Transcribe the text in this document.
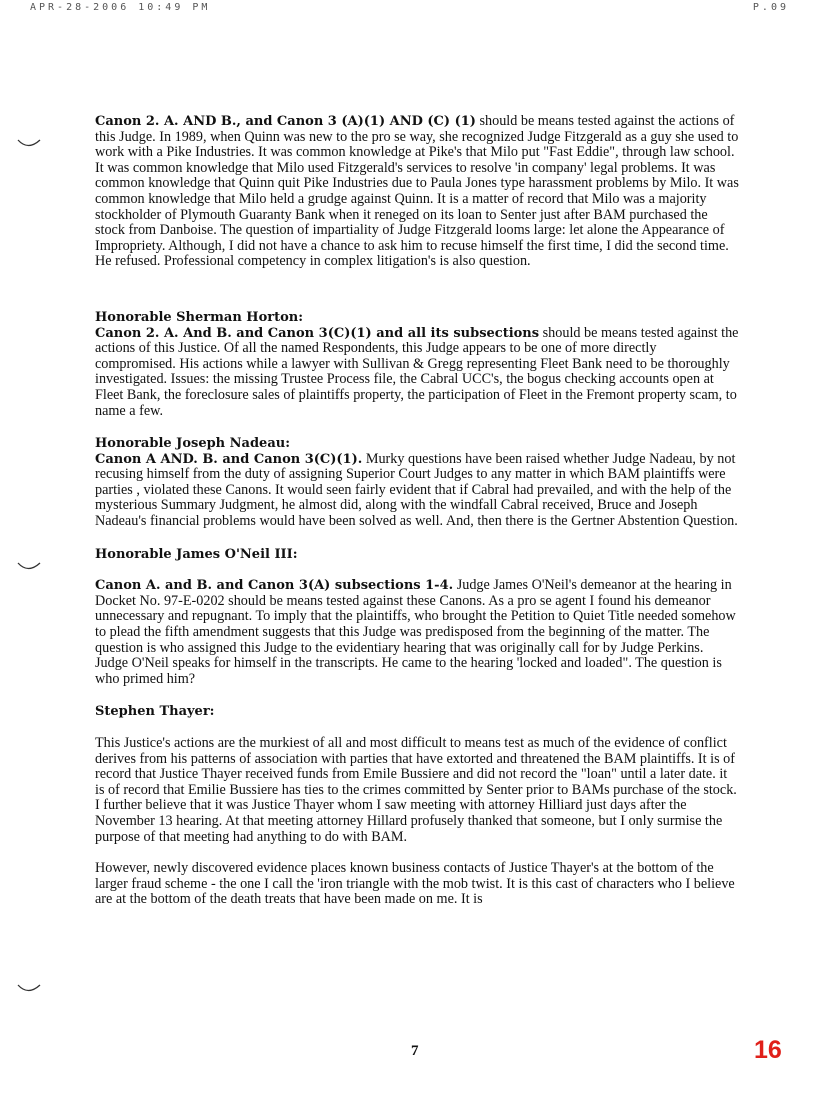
APR-28-2006 10:49 PM	P.09

Canon 2. A. AND B., and Canon 3 (A)(1) AND (C) (1) should be means tested against the actions of this Judge. In 1989, when Quinn was new to the pro se way, she recognized Judge Fitzgerald as a guy she used to work with a Pike Industries. It was common knowledge at Pike's that Milo put "Fast Eddie", through law school. It was common knowledge that Milo used Fitzgerald's services to resolve 'in company' legal problems. It was common knowledge that Quinn quit Pike Industries due to Paula Jones type harassment problems by Milo. It was common knowledge that Milo held a grudge against Quinn. It is a matter of record that Milo was a majority stockholder of Plymouth Guaranty Bank when it reneged on its loan to Senter just after BAM purchased the stock from Danboise. The question of impartiality of Judge Fitzgerald looms large: let alone the Appearance of Impropriety. Although, I did not have a chance to ask him to recuse himself the first time, I did the second time. He refused. Professional competency in complex litigation's is also question.

Honorable Sherman Horton:

Canon 2. A. And B. and Canon 3(C)(1) and all its subsections should be means tested against the actions of this Justice. Of all the named Respondents, this Judge appears to be one of more directly compromised. His actions while a lawyer with Sullivan & Gregg representing Fleet Bank need to be thoroughly investigated. Issues: the missing Trustee Process file, the Cabral UCC's, the bogus checking accounts open at Fleet Bank, the foreclosure sales of plaintiffs property, the participation of Fleet in the Fremont property scam, to name a few.

Honorable Joseph Nadeau:

Canon A AND. B. and Canon 3(C)(1). Murky questions have been raised whether Judge Nadeau, by not recusing himself from the duty of assigning Superior Court Judges to any matter in which BAM plaintiffs were parties , violated these Canons. It would seen fairly evident that if Cabral had prevailed, and with the help of the mysterious Summary Judgment, he almost did, along with the windfall Cabral received, Bruce and Joseph Nadeau's financial problems would have been solved as well. And, then there is the Gertner Abstention Question.

Honorable James O'Neil III:

Canon A. and B. and Canon 3(A) subsections 1-4. Judge James O'Neil's demeanor at the hearing in Docket No. 97-E-0202 should be means tested against these Canons. As a pro se agent I found his demeanor unnecessary and repugnant. To imply that the plaintiffs, who brought the Petition to Quiet Title needed somehow to plead the fifth amendment suggests that this Judge was predisposed from the beginning of the matter. The question is who assigned this Judge to the evidentiary hearing that was originally call for by Judge Perkins. Judge O'Neil speaks for himself in the transcripts. He came to the hearing 'locked and loaded". The question is who primed him?

Stephen Thayer:

This Justice's actions are the murkiest of all and most difficult to means test as much of the evidence of conflict derives from his patterns of association with parties that have extorted and threatened the BAM plaintiffs. It is of record that Justice Thayer received funds from Emile Bussiere and did not record the "loan" until a later date. it is of record that Emilie Bussiere has ties to the crimes committed by Senter prior to BAMs purchase of the stock. I further believe that it was Justice Thayer whom I saw meeting with attorney Hilliard just days after the November 13 hearing. At that meeting attorney Hillard profusely thanked that someone, but I only surmise the purpose of that meeting had anything to do with BAM.

However, newly discovered evidence places known business contacts of Justice Thayer's at the bottom of the larger fraud scheme - the one I call the 'iron triangle with the mob twist. It is this cast of characters who I believe are at the bottom of the death treats that have been made on me. It is

7	16
